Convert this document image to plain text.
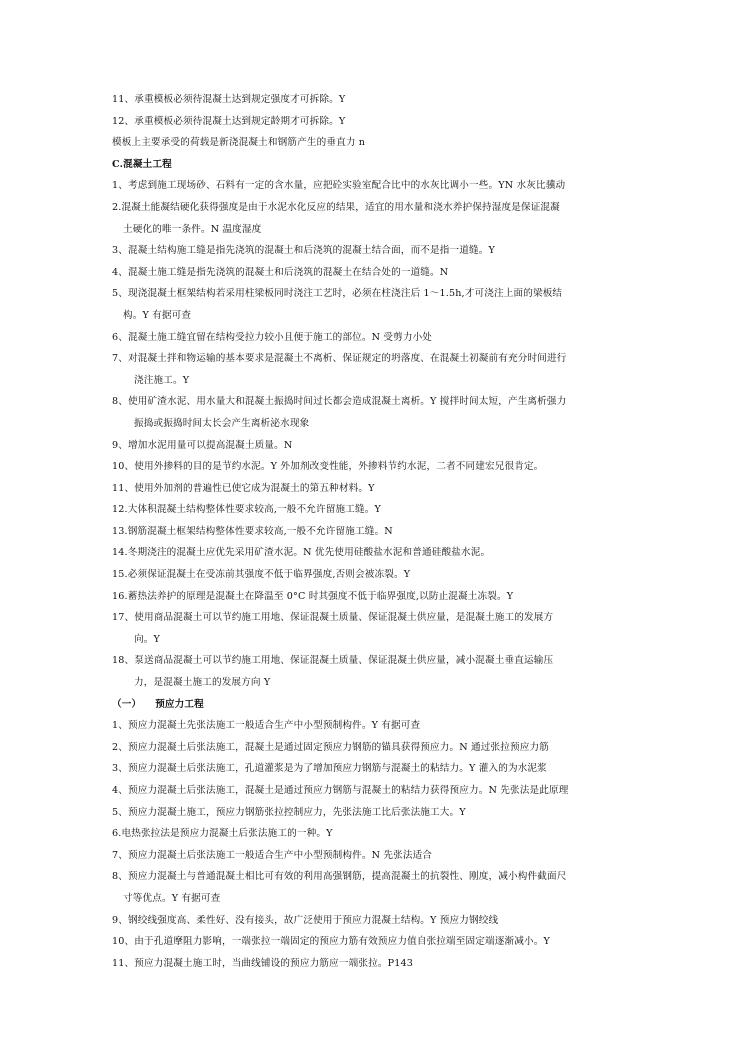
11、承重模板必须待混凝土达到规定强度才可拆除。Y
12、承重模板必须待混凝土达到规定龄期才可拆除。Y
模板上主要承受的荷载是新浇混凝土和钢筋产生的垂直力 n
C.混凝土工程
1、考虑到施工现场砂、石料有一定的含水量，应把砼实验室配合比中的水灰比调小一些。YN 水灰比骥动
2.混凝土能凝结硬化获得强度是由于水泥水化反应的结果，适宜的用水量和浇水养护保持湿度是保证混凝
土硬化的唯一条件。N 温度湿度
3、混凝土结构施工缝是指先浇筑的混凝土和后浇筑的混凝土结合面，而不是指一道缝。Y
4、混凝土施工缝是指先浇筑的混凝土和后浇筑的混凝土在结合处的一道缝。N
5、现浇混凝土框架结构若采用柱梁板同时浇注工艺时，必须在柱浇注后 1～1.5h,才可浇注上面的梁板结
构。Y 有据可查
6、混凝土施工缝宜留在结构受拉力较小且便于施工的部位。N 受剪力小处
7、对混凝土拌和物运输的基本要求是混凝土不离析、保证规定的坍落度、在混凝土初凝前有充分时间进行
浇注施工。Y
8、使用矿渣水泥、用水量大和混凝土振捣时间过长都会造成混凝土离析。Y 搅拌时间太短，产生离析强力
振捣或振捣时间太长会产生离析泌水现象
9、增加水泥用量可以提高混凝土质量。N
10、使用外掺料的目的是节约水泥。Y 外加剂改变性能，外掺料节约水泥，二者不同建宏兄很肯定。
11、使用外加剂的普遍性已使它成为混凝土的第五种材料。Y
12.大体积混凝土结构整体性要求较高,一般不允许留施工缝。Y
13.钢筋混凝土框架结构整体性要求较高,一般不允许留施工缝。N
14.冬期浇注的混凝土应优先采用矿渣水泥。N 优先使用硅酸盐水泥和普通硅酸盐水泥。
15.必须保证混凝土在受冻前其强度不低于临界强度,否则会被冻裂。Y
16.蓄热法养护的原理是混凝土在降温至 0°C 时其强度不低于临界强度,以防止混凝土冻裂。Y
17、使用商品混凝土可以节约施工用地、保证混凝土质量、保证混凝土供应量，是混凝土施工的发展方
向。Y
18、泵送商品混凝土可以节约施工用地、保证混凝土质量、保证混凝土供应量，减小混凝土垂直运输压
力，是混凝土施工的发展方向 Y
（一）    预应力工程
1、预应力混凝土先张法施工一般适合生产中小型预制构件。Y 有据可查
2、预应力混凝土后张法施工，混凝土是通过固定预应力钢筋的锚具获得预应力。N 通过张拉预应力筋
3、预应力混凝土后张法施工，孔道灌浆是为了增加预应力钢筋与混凝土的粘结力。Y 灌入的为水泥浆
4、预应力混凝土后张法施工，混凝土是通过预应力钢筋与混凝土的粘结力获得预应力。N 先张法是此原理
5、预应力混凝土施工，预应力钢筋张拉控制应力，先张法施工比后张法施工大。Y
6.电热张拉法是预应力混凝土后张法施工的一种。Y
7、预应力混凝土后张法施工一般适合生产中小型预制构件。N 先张法适合
8、预应力混凝土与普通混凝土相比可有效的利用高强钢筋，提高混凝土的抗裂性、刚度，减小构件截面尺
寸等优点。Y 有据可查
9、钢绞线强度高、柔性好、没有接头，故广泛使用于预应力混凝土结构。Y 预应力钢绞线
10、由于孔道摩阻力影响，一端张拉一端固定的预应力筋有效预应力值自张拉端至固定端逐渐减小。Y
11、预应力混凝土施工时，当曲线铺设的预应力筋应一端张拉。P143
